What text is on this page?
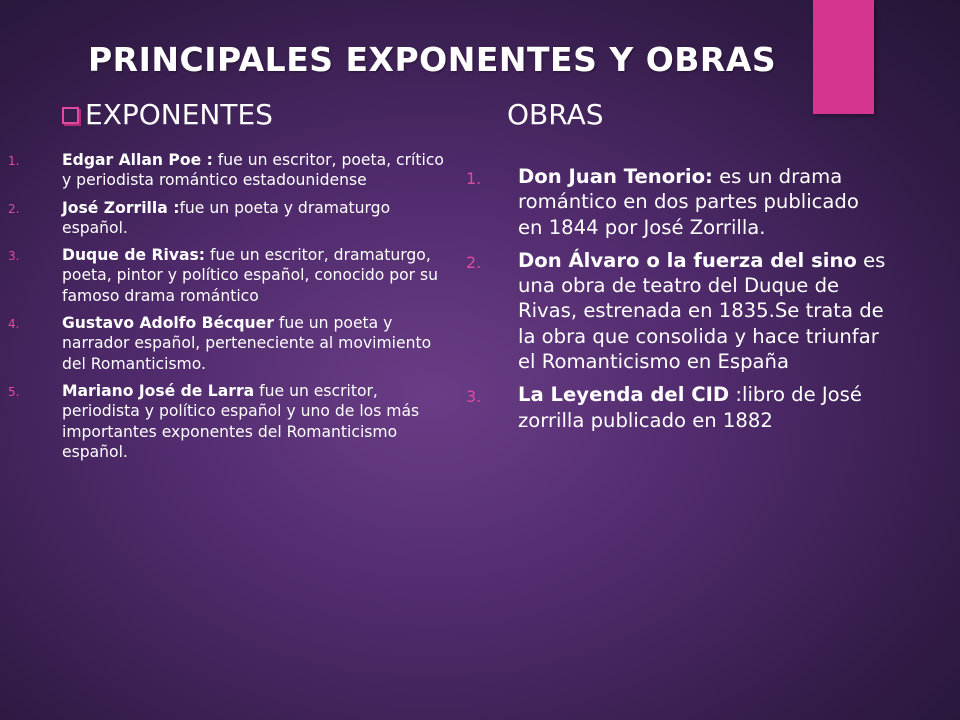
PRINCIPALES EXPONENTES Y OBRAS
EXPONENTES	OBRAS
1.	Edgar Allan Poe : fue un escritor, poeta, crítico y periodista romántico estadounidense
2.	José Zorrilla :fue un poeta y dramaturgo español.
3.	Duque de Rivas: fue un escritor, dramaturgo, poeta, pintor y político español, conocido por su famoso drama romántico
4.	Gustavo Adolfo Bécquer fue un poeta y narrador español, perteneciente al movimiento del Romanticismo.
5.	Mariano José de Larra fue un escritor, periodista y político español y uno de los más importantes exponentes del Romanticismo español.
1.	Don Juan Tenorio: es un drama romántico en dos partes publicado en 1844 por José Zorrilla.
2.	Don Álvaro o la fuerza del sino es una obra de teatro del Duque de Rivas, estrenada en 1835.Se trata de la obra que consolida y hace triunfar el Romanticismo en España
3.	La Leyenda del CID :libro de José zorrilla publicado en 1882
